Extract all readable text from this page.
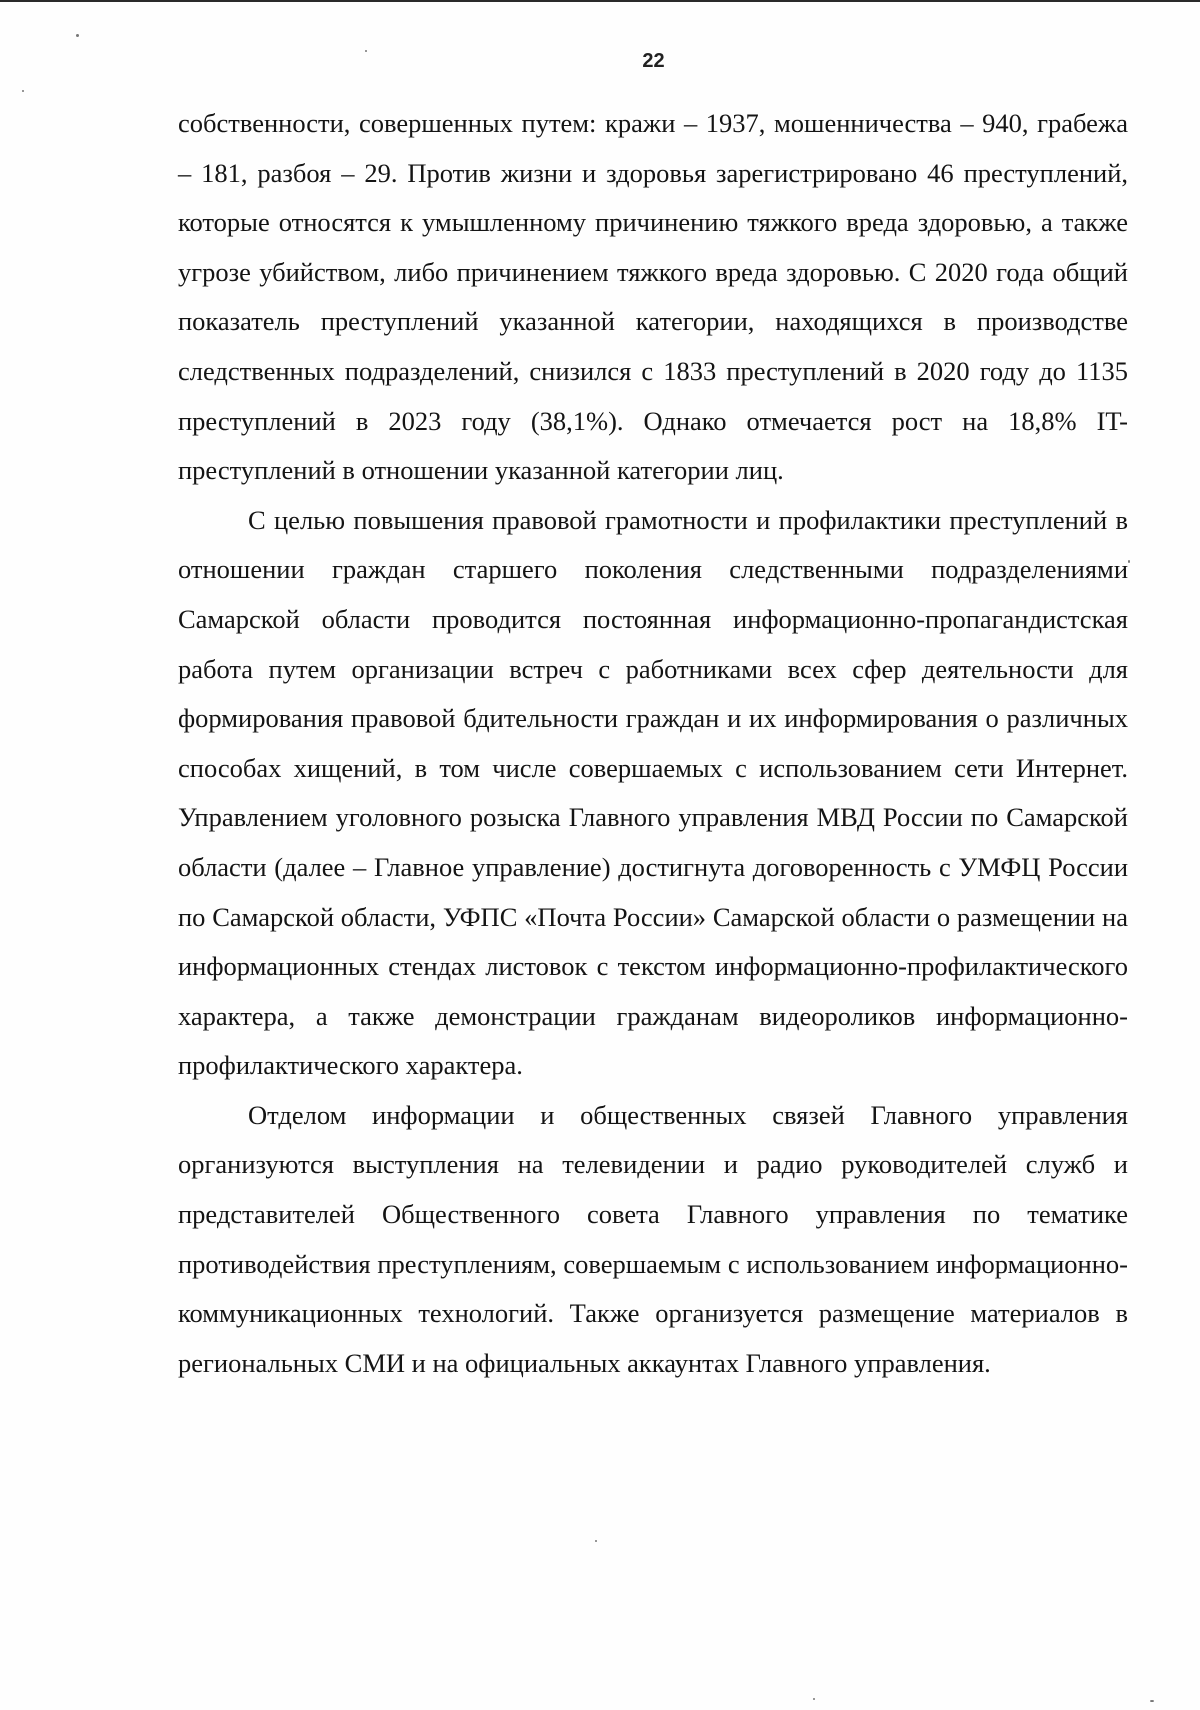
22

собственности, совершенных путем: кражи – 1937, мошенничества – 940, грабежа – 181, разбоя – 29. Против жизни и здоровья зарегистрировано 46 преступлений, которые относятся к умышленному причинению тяжкого вреда здоровью, а также угрозе убийством, либо причинением тяжкого вреда здоровью. С 2020 года общий показатель преступлений указанной категории, находящихся в производстве следственных подразделений, снизился с 1833 преступлений в 2020 году до 1135 преступлений в 2023 году (38,1%). Однако отмечается рост на 18,8% IT-преступлений в отношении указанной категории лиц.

С целью повышения правовой грамотности и профилактики преступлений в отношении граждан старшего поколения следственными подразделениями Самарской области проводится постоянная информационно-пропагандистская работа путем организации встреч с работниками всех сфер деятельности для формирования правовой бдительности граждан и их информирования о различных способах хищений, в том числе совершаемых с использованием сети Интернет. Управлением уголовного розыска Главного управления МВД России по Самарской области (далее – Главное управление) достигнута договоренность с УМФЦ России по Самарской области, УФПС «Почта России» Самарской области о размещении на информационных стендах листовок с текстом информационно-профилактического характера, а также демонстрации гражданам видеороликов информационно-профилактического характера.

Отделом информации и общественных связей Главного управления организуются выступления на телевидении и радио руководителей служб и представителей Общественного совета Главного управления по тематике противодействия преступлениям, совершаемым с использованием информационно-коммуникационных технологий. Также организуется размещение материалов в региональных СМИ и на официальных аккаунтах Главного управления.
